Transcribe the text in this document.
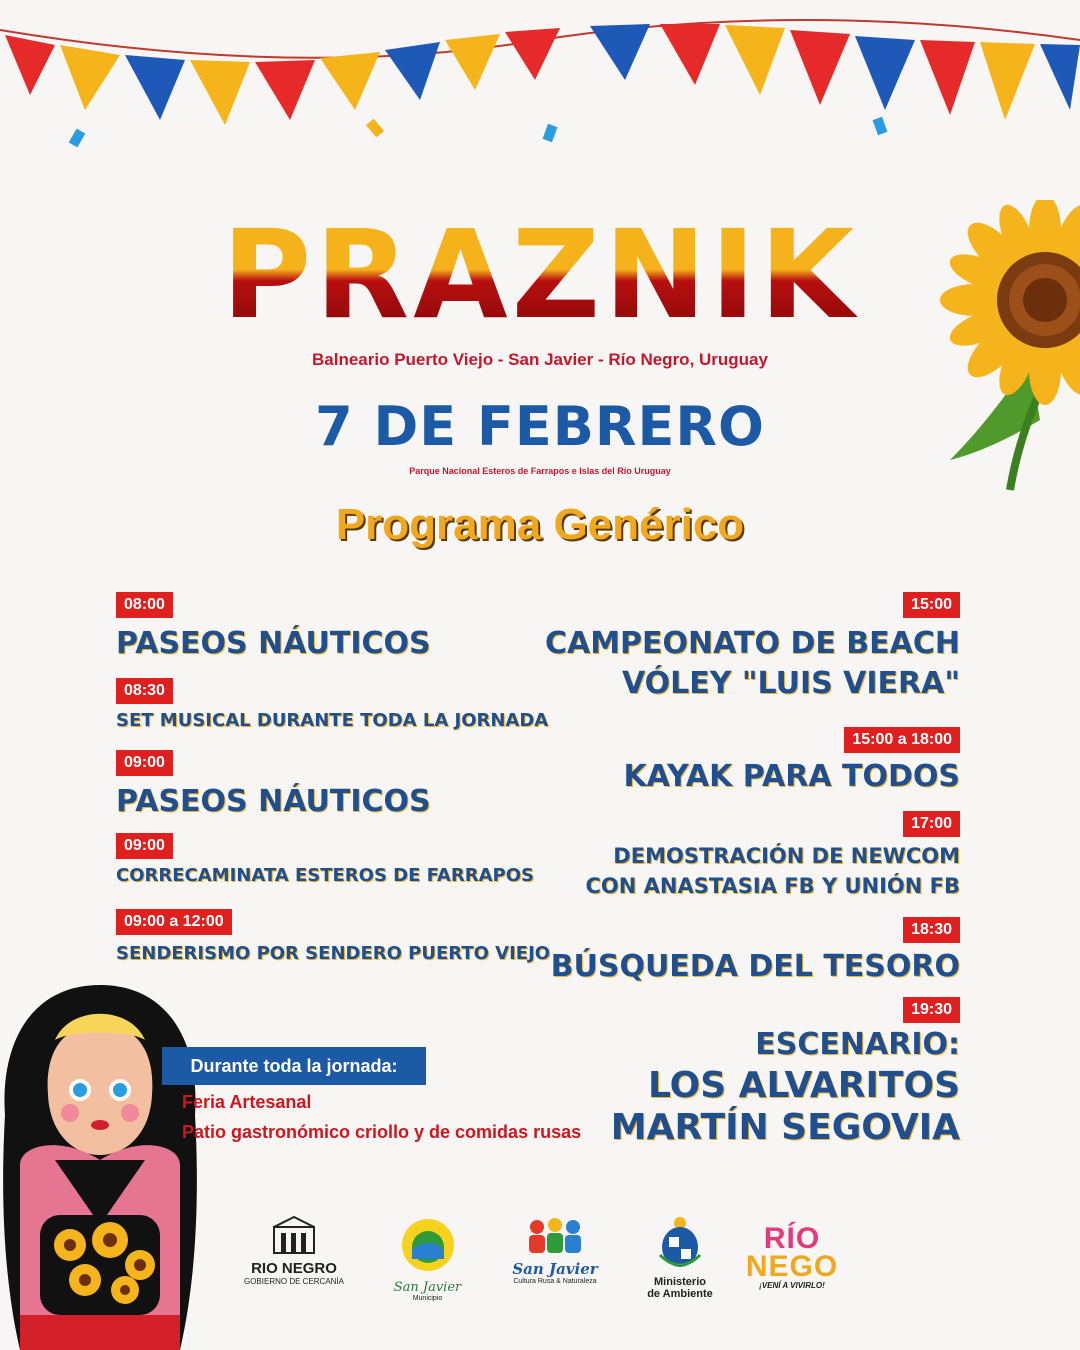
PRAZNIK
Balneario Puerto Viejo - San Javier - Río Negro, Uruguay
7 DE FEBRERO
Parque Nacional Esteros de Farrapos e Islas del Río Uruguay
Programa Genérico
08:00
PASEOS NÁUTICOS
08:30
SET MUSICAL DURANTE TODA LA JORNADA
09:00
PASEOS NÁUTICOS
09:00
CORRECAMINATA ESTEROS DE FARRAPOS
09:00 a 12:00
SENDERISMO POR SENDERO PUERTO VIEJO
15:00
CAMPEONATO DE BEACH
VÓLEY "LUIS VIERA"
15:00 a 18:00
KAYAK PARA TODOS
17:00
DEMOSTRACIÓN DE NEWCOM
CON ANASTASIA FB Y UNIÓN FB
18:30
BÚSQUEDA DEL TESORO
19:30
ESCENARIO:
LOS ALVARITOS
MARTÍN SEGOVIA
Durante toda la jornada:
Feria Artesanal
Patio gastronómico criollo y de comidas rusas
RIO NEGRO
GOBIERNO DE CERCANÍA	San Javier
Municipio
San Javier
Cultura Rusa & Naturaleza	Ministerio
de Ambiente
RÍO
NEGO
¡VENÍ A VIVIRLO!
